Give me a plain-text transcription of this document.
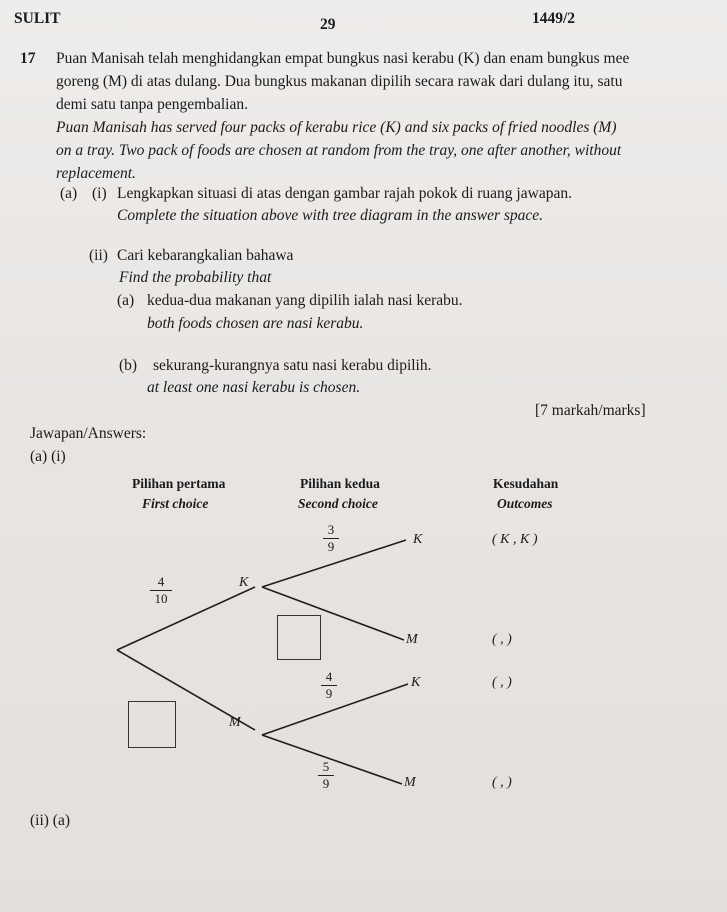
SULIT	29	1449/2
17 Puan Manisah telah menghidangkan empat bungkus nasi kerabu (K) dan enam bungkus mee
goreng (M) di atas dulang. Dua bungkus makanan dipilih secara rawak dari dulang itu, satu
demi satu tanpa pengembalian.
Puan Manisah has served four packs of kerabu rice (K) and six packs of fried noodles (M)
on a tray. Two pack of foods are chosen at random from the tray, one after another, without
replacement.
(a) (i) Lengkapkan situasi di atas dengan gambar rajah pokok di ruang jawapan.
Complete the situation above with tree diagram in the answer space.
(ii) Cari kebarangkalian bahawa
Find the probability that
(a) kedua-dua makanan yang dipilih ialah nasi kerabu.
both foods chosen are nasi kerabu.
(b) sekurang-kurangnya satu nasi kerabu dipilih.
at least one nasi kerabu is chosen.
[7 markah/marks]
Jawapan/Answers:
(a) (i)
Pilihan pertama
First choice
Pilihan kedua
Second choice
Kesudahan
Outcomes
4
10
3
9
4
9
5
9
K
M
K
M
K
M
( K , K )
( , )
( , )
( , )
(ii) (a)
